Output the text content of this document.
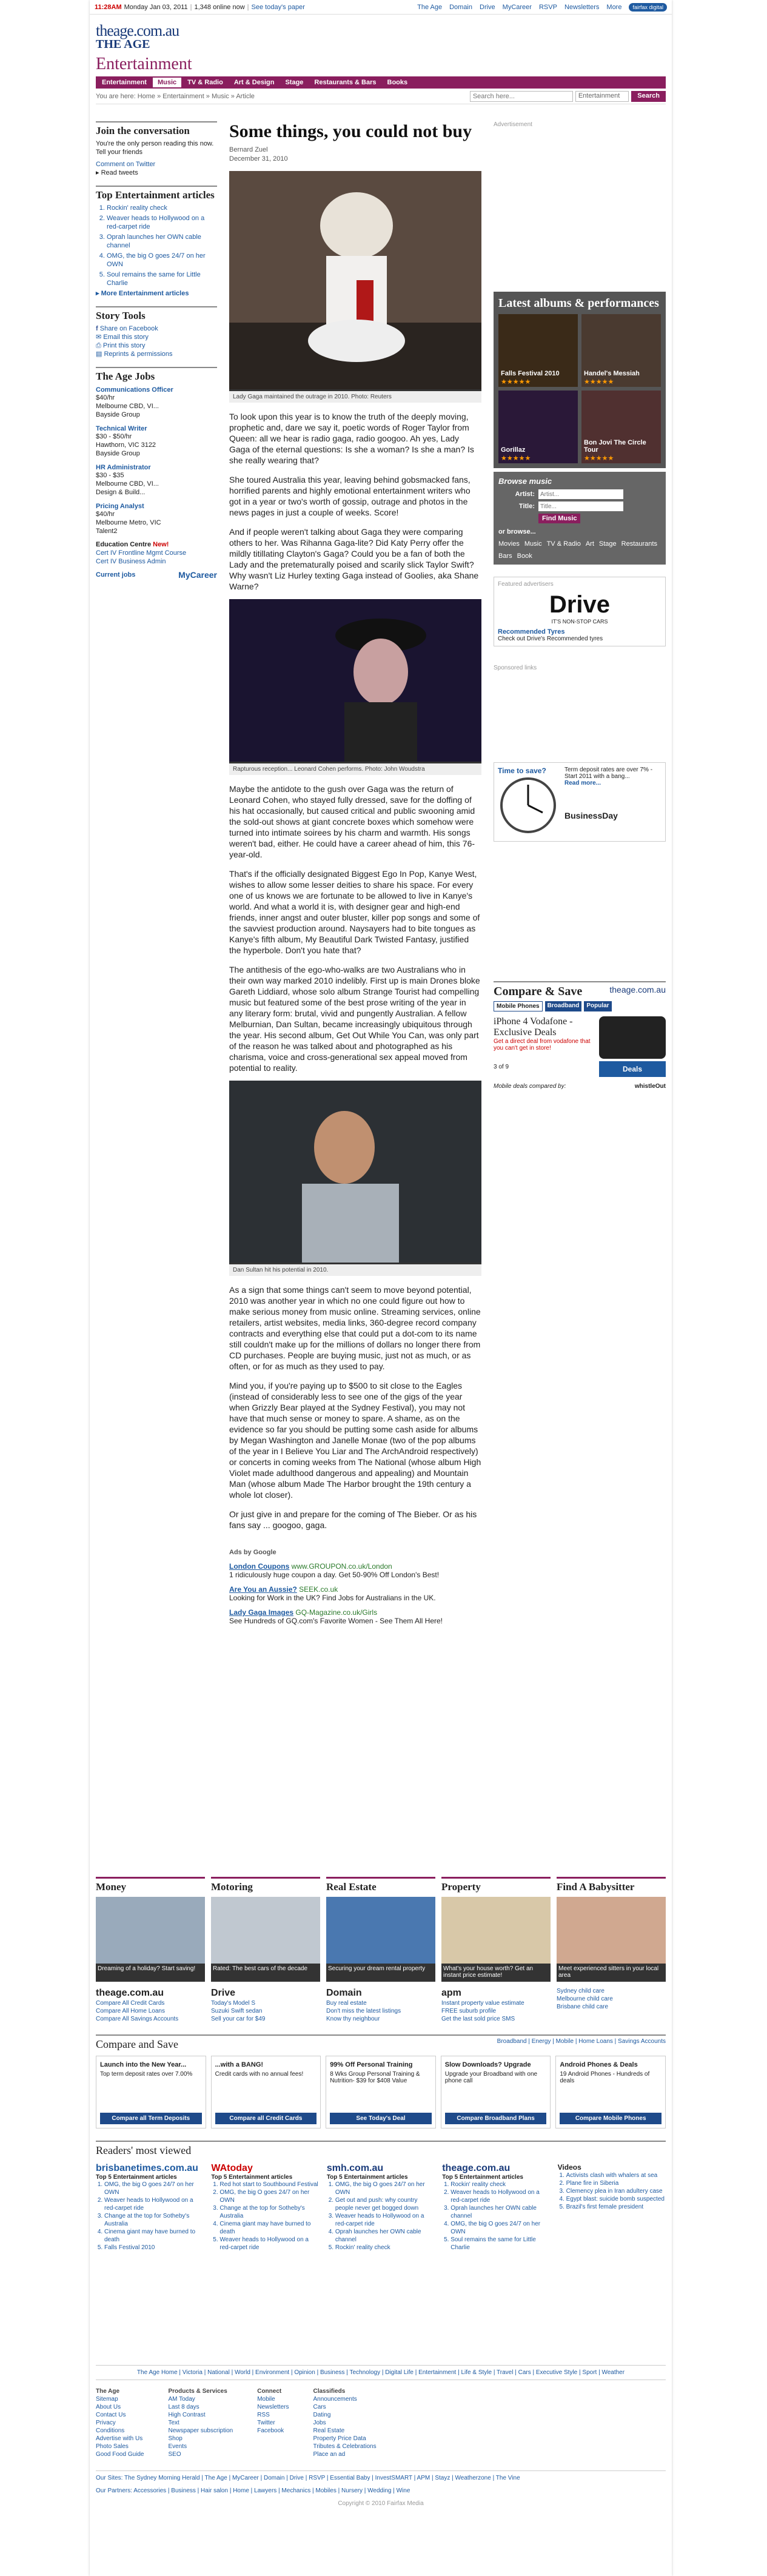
11:28AM Monday Jan 03, 2011 | 1,348 online now | See today's paper	The Age Domain Drive MyCareer RSVP Newsletters More	fairfax digital
theage.com.au
THE AGE
Entertainment
Entertainment	Music	TV & Radio	Art & Design	Stage	Restaurants & Bars	Books
You are here: Home » Entertainment » Music » Article
Search here...	Entertainment	Search
Join the conversation

You're the only person reading this now. Tell your friends

Comment on Twitter

▸ Read tweets

Top Entertainment articles
1. Rockin' reality check
2. Weaver heads to Hollywood on a red-carpet ride
3. Oprah launches her OWN cable channel
4. OMG, the big O goes 24/7 on her OWN
5. Soul remains the same for Little Charlie

▸ More Entertainment articles

Story Tools

f Share on Facebook

✉ Email this story

⎙ Print this story

▤ Reprints & permissions

The Age Jobs
Communications Officer

$40/hr

Melbourne CBD, VI...

Bayside Group

Technical Writer

$30 - $50/hr

Hawthorn, VIC 3122

Bayside Group

HR Administrator

$30 - $35

Melbourne CBD, VI...

Design & Build...

Pricing Analyst

$40/hr

Melbourne Metro, VIC

Talent2

Education Centre New!

Cert IV Frontline Mgmt Course

Cert IV Business Admin

Current jobs	MyCareer

Some things, you could not buy
Bernard Zuel
December 31, 2010
Lady Gaga maintained the outrage in 2010. Photo: Reuters

To look upon this year is to know the truth of the deeply moving, prophetic and, dare we say it, poetic words of Roger Taylor from Queen: all we hear is radio gaga, radio googoo. Ah yes, Lady Gaga of the eternal questions: Is she a woman? Is she a man? Is she really wearing that?

She toured Australia this year, leaving behind gobsmacked fans, horrified parents and highly emotional entertainment writers who got in a year or two's worth of gossip, outrage and photos in the news pages in just a couple of weeks. Score!

And if people weren't talking about Gaga they were comparing others to her. Was Rihanna Gaga-lite? Did Katy Perry offer the mildly titillating Clayton's Gaga? Could you be a fan of both the Lady and the pretematurally poised and scarily slick Taylor Swift? Why wasn't Liz Hurley texting Gaga instead of Goolies, aka Shane Warne?

Rapturous reception... Leonard Cohen performs. Photo: John Woudstra

Maybe the antidote to the gush over Gaga was the return of Leonard Cohen, who stayed fully dressed, save for the doffing of his hat occasionally, but caused critical and public swooning amid the sold-out shows at giant concrete boxes which somehow were turned into intimate soirees by his charm and warmth. His songs weren't bad, either. He could have a career ahead of him, this 76-year-old.

That's if the officially designated Biggest Ego In Pop, Kanye West, wishes to allow some lesser deities to share his space. For every one of us knows we are fortunate to be allowed to live in Kanye's world. And what a world it is, with designer gear and high-end friends, inner angst and outer bluster, killer pop songs and some of the savviest production around. Naysayers had to bite tongues as Kanye's fifth album, My Beautiful Dark Twisted Fantasy, justified the hyperbole. Don't you hate that?

The antithesis of the ego-who-walks are two Australians who in their own way marked 2010 indelibly. First up is main Drones bloke Gareth Liddiard, whose solo album Strange Tourist had compelling music but featured some of the best prose writing of the year in any literary form: brutal, vivid and pungently Australian. A fellow Melburnian, Dan Sultan, became increasingly ubiquitous through the year. His second album, Get Out While You Can, was only part of the reason he was talked about and photographed as his charisma, voice and cross-generational sex appeal moved from potential to reality.

Dan Sultan hit his potential in 2010.

As a sign that some things can't seem to move beyond potential, 2010 was another year in which no one could figure out how to make serious money from music online. Streaming services, online retailers, artist websites, media links, 360-degree record company contracts and everything else that could put a dot-com to its name still couldn't make up for the millions of dollars no longer there from CD purchases. People are buying music, just not as much, or as often, or for as much as they used to pay.

Mind you, if you're paying up to $500 to sit close to the Eagles (instead of considerably less to see one of the gigs of the year when Grizzly Bear played at the Sydney Festival), you may not have that much sense or money to spare. A shame, as on the evidence so far you should be putting some cash aside for albums by Megan Washington and Janelle Monae (two of the pop albums of the year in I Believe You Liar and The ArchAndroid respectively) or concerts in coming weeks from The National (whose album High Violet made adulthood dangerous and appealing) and Mountain Man (whose album Made The Harbor brought the 19th century a whole lot closer).

Or just give in and prepare for the coming of The Bieber. Or as his fans say ... googoo, gaga.

Ads by Google
London Coupons www.GROUPON.co.uk/London
1 ridiculously huge coupon a day. Get 50-90% Off London's Best!
Are You an Aussie? SEEK.co.uk
Looking for Work in the UK? Find Jobs for Australians in the UK.
Lady Gaga Images GQ-Magazine.co.uk/Girls
See Hundreds of GQ.com's Favorite Women - See Them All Here!
Advertisement
Latest albums & performances
Falls Festival 2010
★★★★★
Handel's Messiah
★★★★★
Gorillaz
★★★★★
Bon Jovi The Circle Tour
★★★★★
Browse music
Artist:
Artist...
Title:
Title...
Find Music
or browse...
Movies Music TV & Radio Art Stage Restaurants
Bars Book
Featured advertisers
Drive
IT'S NON-STOP CARS
Recommended Tyres
Check out Drive's Recommended tyres
Sponsored links
Time to save?	Term deposit rates are over 7% - Start 2011 with a bang...
Read more...
BusinessDay
Compare & Save	theage.com.au
Mobile Phones	Broadband	Popular
iPhone 4 Vodafone - Exclusive Deals
Get a direct deal from vodafone that you can't get in store!
3 of 9	Deals
Mobile deals compared by:	whistleOut
Money
Dreaming of a holiday? Start saving!
theage.com.au
Compare All Credit Cards
Compare All Home Loans
Compare All Savings Accounts
Motoring
Rated: The best cars of the decade
Drive
Today's Model S
Suzuki Swift sedan
Sell your car for $49
Real Estate
Securing your dream rental property
Domain
Buy real estate
Don't miss the latest listings
Know thy neighbour
Property
What's your house worth? Get an instant price estimate!
apm
Instant property value estimate
FREE suburb profile
Get the last sold price SMS
Find A Babysitter
Meet experienced sitters in your local area
Sydney child care
Melbourne child care
Brisbane child care
Compare and Save	Broadband | Energy | Mobile | Home Loans | Savings Accounts
Launch into the New Year...
Top term deposit rates over 7.00%
Compare all Term Deposits
...with a BANG!
Credit cards with no annual fees!
Compare all Credit Cards
99% Off Personal Training
8 Wks Group Personal Training & Nutrition- $39 for $408 Value
See Today's Deal
Slow Downloads? Upgrade
Upgrade your Broadband with one phone call
Compare Broadband Plans
Android Phones & Deals
19 Android Phones - Hundreds of deals
Compare Mobile Phones
Readers' most viewed
brisbanetimes.com.au
Top 5 Entertainment articles
1. OMG, the big O goes 24/7 on her OWN
2. Weaver heads to Hollywood on a red-carpet ride
3. Change at the top for Sotheby's Australia
4. Cinema giant may have burned to death
5. Falls Festival 2010
WAtoday
Top 5 Entertainment articles
1. Red hot start to Southbound Festival
2. OMG, the big O goes 24/7 on her OWN
3. Change at the top for Sotheby's Australia
4. Cinema giant may have burned to death
5. Weaver heads to Hollywood on a red-carpet ride
smh.com.au
Top 5 Entertainment articles
1. OMG, the big O goes 24/7 on her OWN
2. Get out and push: why country people never get bogged down
3. Weaver heads to Hollywood on a red-carpet ride
4. Oprah launches her OWN cable channel
5. Rockin' reality check
theage.com.au
Top 5 Entertainment articles
1. Rockin' reality check
2. Weaver heads to Hollywood on a red-carpet ride
3. Oprah launches her OWN cable channel
4. OMG, the big O goes 24/7 on her OWN
5. Soul remains the same for Little Charlie
Videos
1. Activists clash with whalers at sea
2. Plane fire in Siberia
3. Clemency plea in Iran adultery case
4. Egypt blast: suicide bomb suspected
5. Brazil's first female president
The Age Home | Victoria | National | World | Environment | Opinion | Business | Technology | Digital Life | Entertainment | Life & Style | Travel | Cars | Executive Style | Sport | Weather
The Age
Sitemap
About Us
Contact Us
Privacy
Conditions
Advertise with Us
Photo Sales
Good Food Guide
Products & Services
AM Today
Last 8 days
High Contrast
Text
Newspaper subscription
Shop
Events
SEO
Connect
Mobile
Newsletters
RSS
Twitter
Facebook
Classifieds
Announcements
Cars
Dating
Jobs
Real Estate
Property Price Data
Tributes & Celebrations
Place an ad
Our Sites: The Sydney Morning Herald | The Age | MyCareer | Domain | Drive | RSVP | Essential Baby | InvestSMART | APM | Stayz | Weatherzone | The Vine
Our Partners: Accessories | Business | Hair salon | Home | Lawyers | Mechanics | Mobiles | Nursery | Wedding | Wine
Copyright © 2010 Fairfax Media
